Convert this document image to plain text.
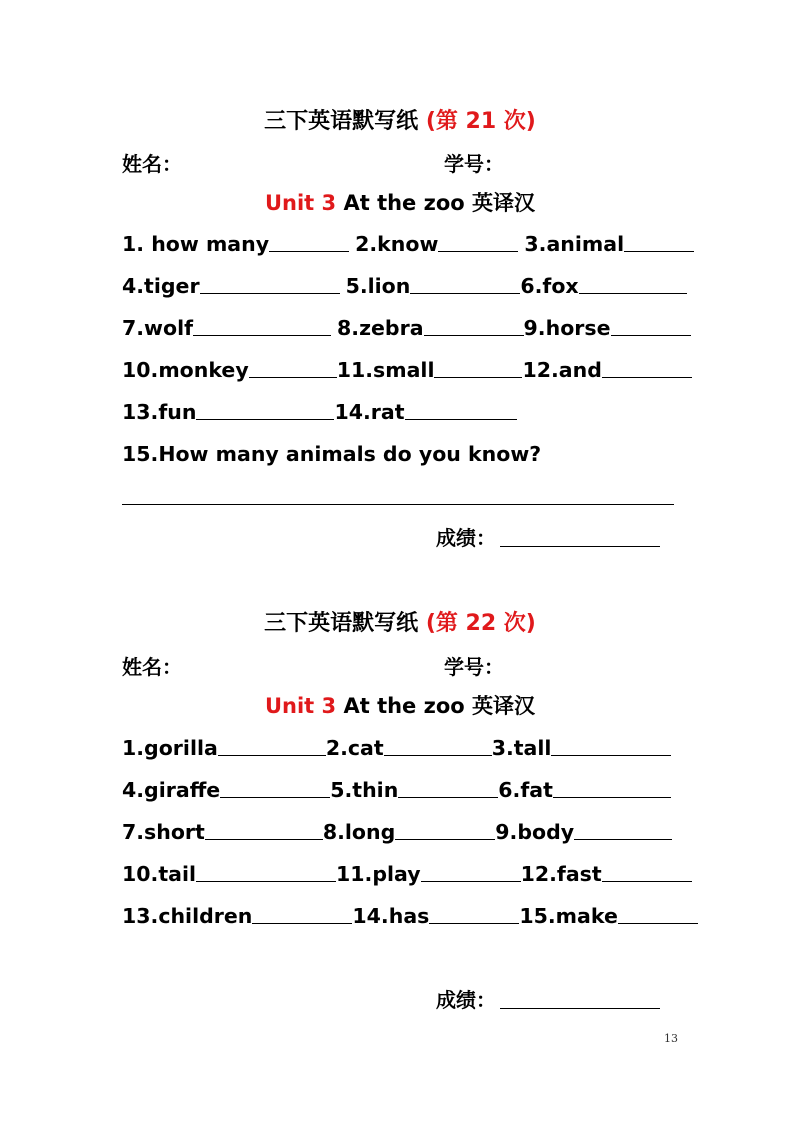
三下英语默写纸 (第 21 次)
姓名：	学号：
Unit 3 At the zoo 英译汉
1. how many	2.know	3.animal
4.tiger	5.lion	6.fox
7.wolf	8.zebra	9.horse
10.monkey	11.small	12.and
13.fun	14.rat
15.How many animals do you know?
成绩：
三下英语默写纸 (第 22 次)
姓名：	学号：
Unit 3 At the zoo 英译汉
1.gorilla	2.cat	3.tall
4.giraffe	5.thin	6.fat
7.short	8.long	9.body
10.tail	11.play	12.fast
13.children	14.has	15.make
成绩：
13
